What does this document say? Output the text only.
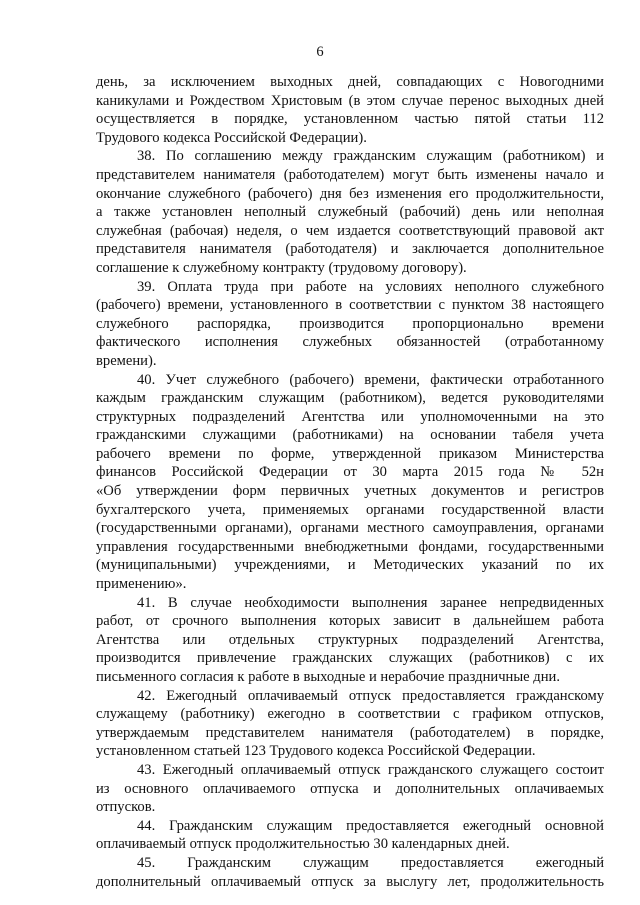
6
день, за исключением выходных дней, совпадающих с Новогодними
каникулами и Рождеством Христовым (в этом случае перенос выходных дней
осуществляется в порядке, установленном частью пятой статьи 112
Трудового кодекса Российской Федерации).
38. По соглашению между гражданским служащим (работником) и
представителем нанимателя (работодателем) могут быть изменены начало и
окончание служебного (рабочего) дня без изменения его продолжительности,
а также установлен неполный служебный (рабочий) день или неполная
служебная (рабочая) неделя, о чем издается соответствующий правовой акт
представителя нанимателя (работодателя) и заключается дополнительное
соглашение к служебному контракту (трудовому договору).
39. Оплата труда при работе на условиях неполного служебного
(рабочего) времени, установленного в соответствии с пунктом 38 настоящего
служебного распорядка, производится пропорционально времени
фактического исполнения служебных обязанностей (отработанному
времени).
40. Учет служебного (рабочего) времени, фактически отработанного
каждым гражданским служащим (работником), ведется руководителями
структурных подразделений Агентства или уполномоченными на это
гражданскими служащими (работниками) на основании табеля учета
рабочего времени по форме, утвержденной приказом Министерства
финансов Российской Федерации от 30 марта 2015 года № 52н
«Об утверждении форм первичных учетных документов и регистров
бухгалтерского учета, применяемых органами государственной власти
(государственными органами), органами местного самоуправления, органами
управления государственными внебюджетными фондами, государственными
(муниципальными) учреждениями, и Методических указаний по их
применению».
41. В случае необходимости выполнения заранее непредвиденных
работ, от срочного выполнения которых зависит в дальнейшем работа
Агентства или отдельных структурных подразделений Агентства,
производится привлечение гражданских служащих (работников) с их
письменного согласия к работе в выходные и нерабочие праздничные дни.
42. Ежегодный оплачиваемый отпуск предоставляется гражданскому
служащему (работнику) ежегодно в соответствии с графиком отпусков,
утверждаемым представителем нанимателя (работодателем) в порядке,
установленном статьей 123 Трудового кодекса Российской Федерации.
43. Ежегодный оплачиваемый отпуск гражданского служащего состоит
из основного оплачиваемого отпуска и дополнительных оплачиваемых
отпусков.
44. Гражданским служащим предоставляется ежегодный основной
оплачиваемый отпуск продолжительностью 30 календарных дней.
45. Гражданским служащим предоставляется ежегодный
дополнительный оплачиваемый отпуск за выслугу лет, продолжительность
